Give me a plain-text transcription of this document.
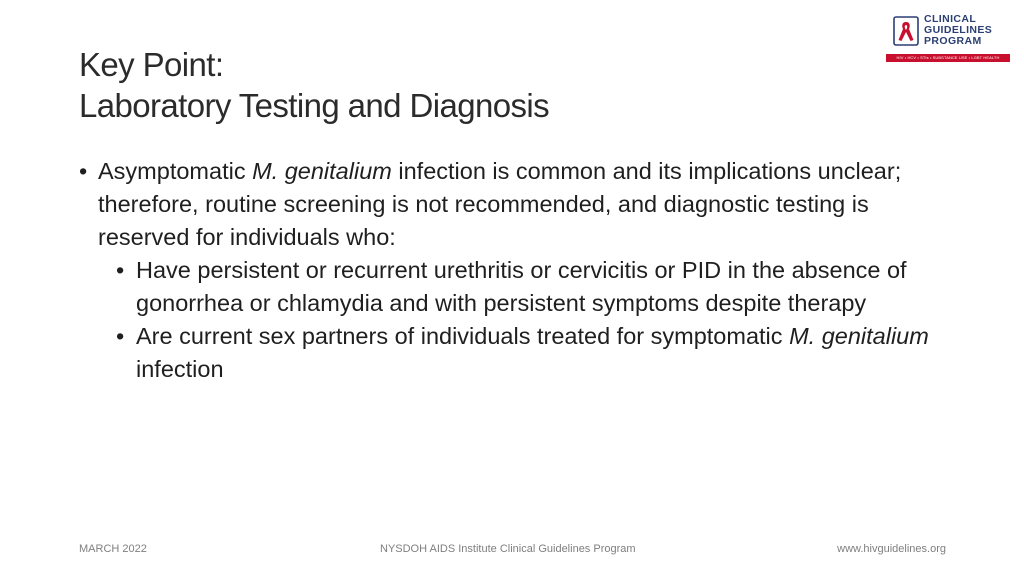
Key Point:
Laboratory Testing and Diagnosis
CLINICAL
GUIDELINES
PROGRAM
HIV • HCV • STIs • SUBSTANCE USE • LGBT HEALTH
• Asymptomatic M. genitalium infection is common and its implications unclear; therefore, routine screening is not recommended, and diagnostic testing is reserved for individuals who:
• Have persistent or recurrent urethritis or cervicitis or PID in the absence of gonorrhea or chlamydia and with persistent symptoms despite therapy
• Are current sex partners of individuals treated for symptomatic M. genitalium infection
MARCH 2022	NYSDOH AIDS Institute Clinical Guidelines Program	www.hivguidelines.org
